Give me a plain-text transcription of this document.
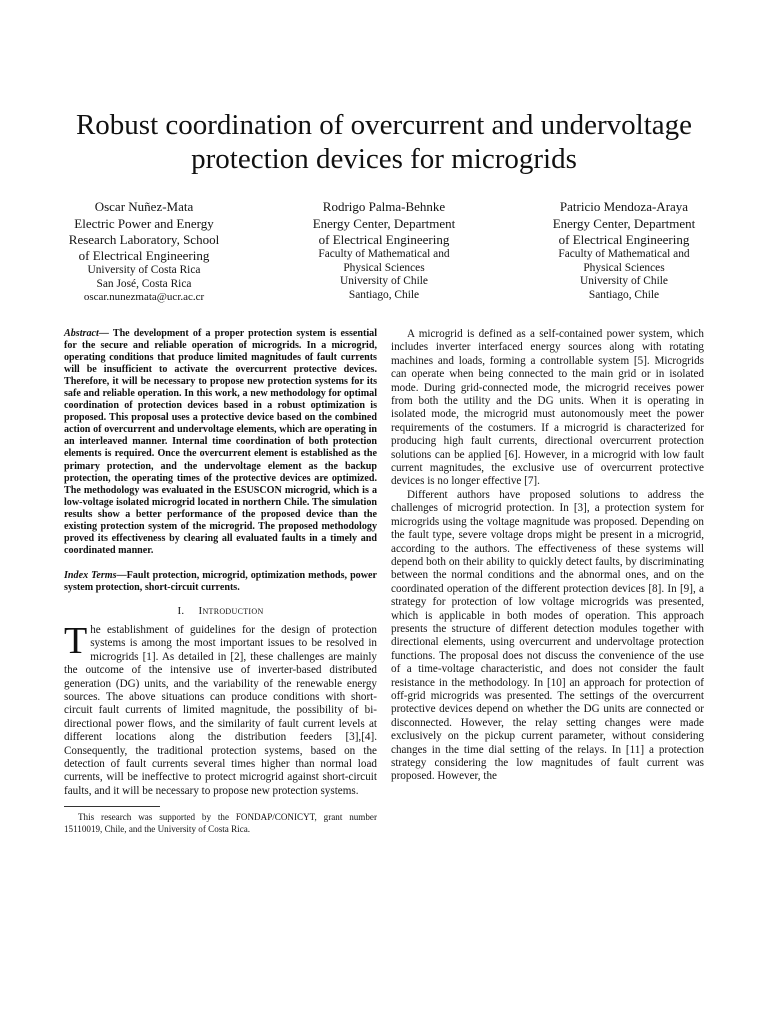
Robust coordination of overcurrent and undervoltage protection devices for microgrids
Oscar Nuñez-Mata
Electric Power and Energy
Research Laboratory, School
of Electrical Engineering
University of Costa Rica
San José, Costa Rica
oscar.nunezmata@ucr.ac.cr
Rodrigo Palma-Behnke
Energy Center, Department
of Electrical Engineering
Faculty of Mathematical and
Physical Sciences
University of Chile
Santiago, Chile
Patricio Mendoza-Araya
Energy Center, Department
of Electrical Engineering
Faculty of Mathematical and
Physical Sciences
University of Chile
Santiago, Chile

Abstract— The development of a proper protection system is essential for the secure and reliable operation of microgrids. In a microgrid, operating conditions that produce limited magnitudes of fault currents will be insufficient to activate the overcurrent protective devices. Therefore, it will be necessary to propose new protection systems for its safe and reliable operation. In this work, a new methodology for optimal coordination of protection devices based in a robust optimization is proposed. This proposal uses a protective device based on the combined action of overcurrent and undervoltage elements, which are operating in an interleaved manner. Internal time coordination of both protection elements is required. Once the overcurrent element is established as the primary protection, and the undervoltage element as the backup protection, the operating times of the protective devices are optimized. The methodology was evaluated in the ESUSCON microgrid, which is a low-voltage isolated microgrid located in northern Chile. The simulation results show a better performance of the proposed device than the existing protection system of the microgrid. The proposed methodology proved its effectiveness by clearing all evaluated faults in a timely and coordinated manner.

Index Terms—Fault protection, microgrid, optimization methods, power system protection, short-circuit currents.

I. Introduction

The establishment of guidelines for the design of protection systems is among the most important issues to be resolved in microgrids [1]. As detailed in [2], these challenges are mainly the outcome of the intensive use of inverter-based distributed generation (DG) units, and the variability of the renewable energy sources. The above situations can produce conditions with short-circuit fault currents of limited magnitude, the possibility of bi-directional power flows, and the similarity of fault current levels at different locations along the distribution feeders [3],[4]. Consequently, the traditional protection systems, based on the detection of fault currents several times higher than normal load currents, will be ineffective to protect microgrid against short-circuit faults, and it will be necessary to propose new protection systems.

This research was supported by the FONDAP/CONICYT, grant number 15110019, Chile, and the University of Costa Rica.

A microgrid is defined as a self-contained power system, which includes inverter interfaced energy sources along with rotating machines and loads, forming a controllable system [5]. Microgrids can operate when being connected to the main grid or in isolated mode. During grid-connected mode, the microgrid receives power from both the utility and the DG units. When it is operating in isolated mode, the microgrid must autonomously meet the power requirements of the costumers. If a microgrid is characterized for producing high fault currents, directional overcurrent protection solutions can be applied [6]. However, in a microgrid with low fault current magnitudes, the exclusive use of overcurrent protective devices is no longer effective [7].

Different authors have proposed solutions to address the challenges of microgrid protection. In [3], a protection system for microgrids using the voltage magnitude was proposed. Depending on the fault type, severe voltage drops might be present in a microgrid, according to the authors. The effectiveness of these systems will depend both on their ability to quickly detect faults, by discriminating between the normal conditions and the abnormal ones, and on the coordinated operation of the different protection devices [8]. In [9], a strategy for protection of low voltage microgrids was presented, which is applicable in both modes of operation. This approach presents the structure of different detection modules together with directional elements, using overcurrent and undervoltage protection functions. The proposal does not discuss the convenience of the use of a time-voltage characteristic, and does not consider the fault resistance in the methodology. In [10] an approach for protection of off-grid microgrids was presented. The settings of the overcurrent protective devices depend on whether the DG units are connected or disconnected. However, the relay setting changes were made exclusively on the pickup current parameter, without considering changes in the time dial setting of the relays. In [11] a protection strategy considering the low magnitudes of fault current was proposed. However, the
